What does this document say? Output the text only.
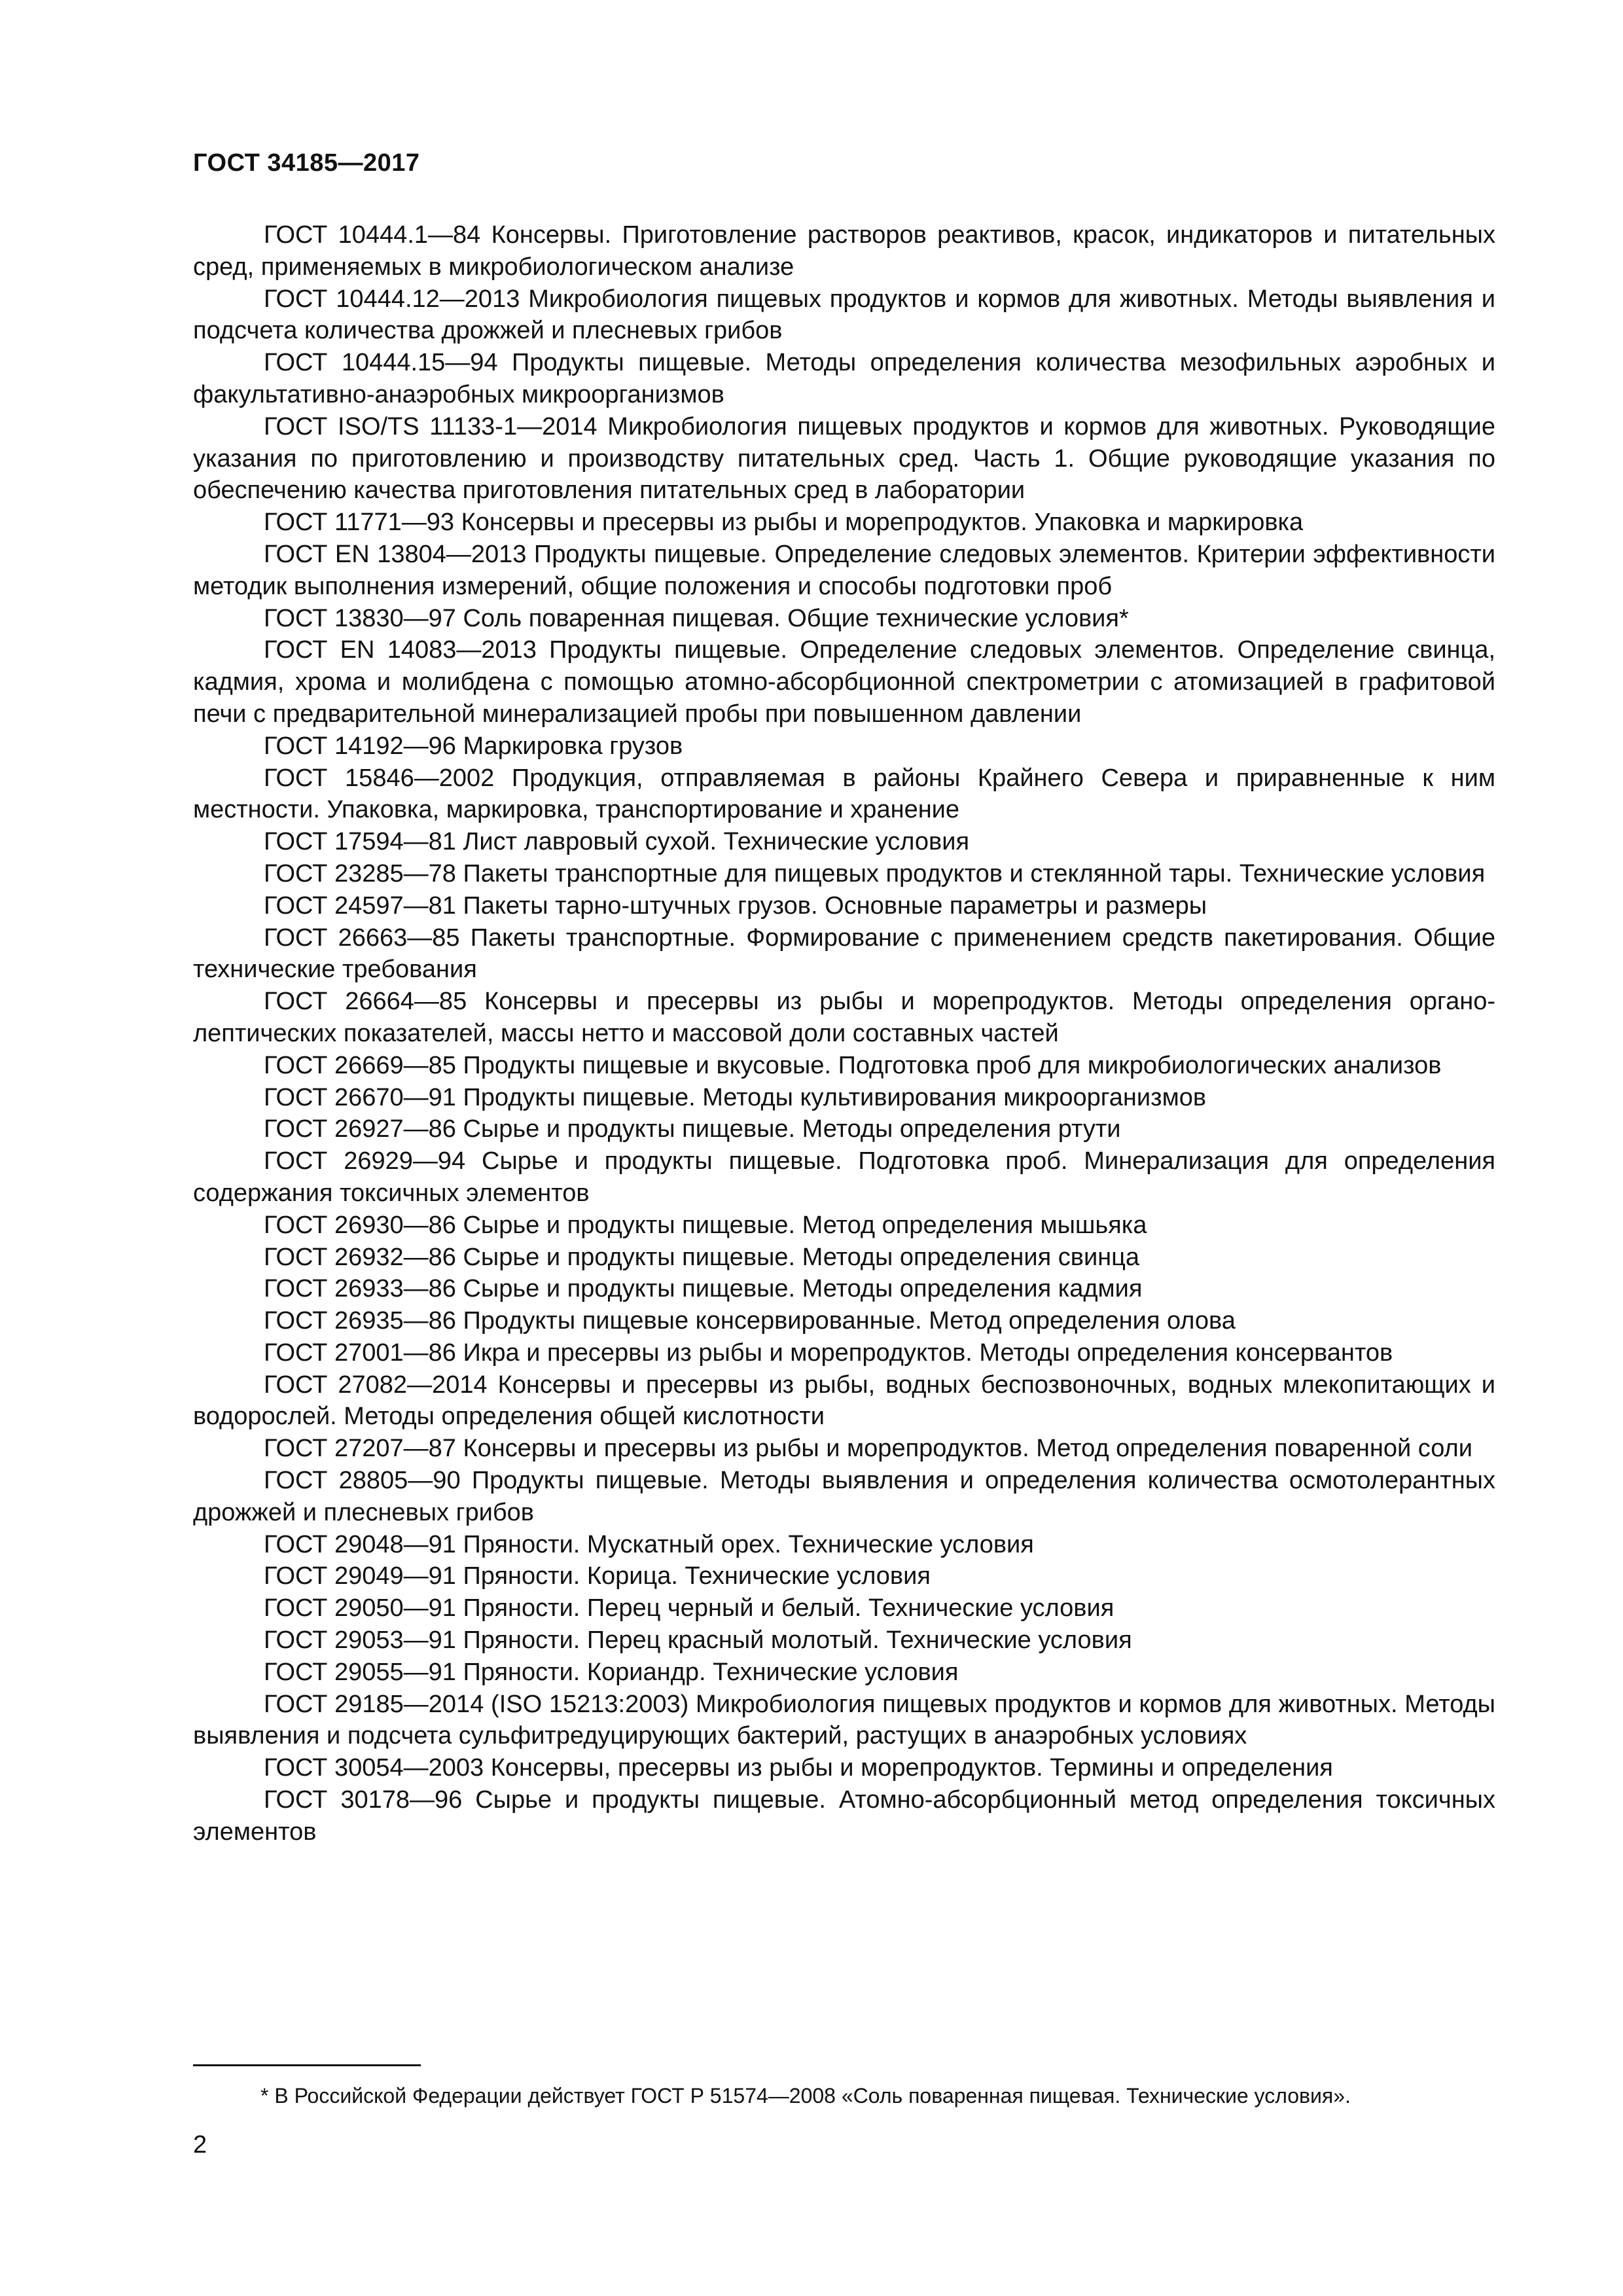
ГОСТ 34185—2017

ГОСТ 10444.1—84 Консервы. Приготовление растворов реактивов, красок, индикаторов и питательных сред, применяемых в микробиологическом анализе

ГОСТ 10444.12—2013 Микробиология пищевых продуктов и кормов для животных. Методы выявления и подсчета количества дрожжей и плесневых грибов

ГОСТ 10444.15—94 Продукты пищевые. Методы определения количества мезофильных аэробных и факультативно-анаэробных микроорганизмов

ГОСТ ISO/TS 11133-1—2014 Микробиология пищевых продуктов и кормов для животных. Руководящие указания по приготовлению и производству питательных сред. Часть 1. Общие руководящие указания по обеспечению качества приготовления питательных сред в лаборатории

ГОСТ 11771—93 Консервы и пресервы из рыбы и морепродуктов. Упаковка и маркировка

ГОСТ EN 13804—2013 Продукты пищевые. Определение следовых элементов. Критерии эффективности методик выполнения измерений, общие положения и способы подготовки проб

ГОСТ 13830—97 Соль поваренная пищевая. Общие технические условия*

ГОСТ EN 14083—2013 Продукты пищевые. Определение следовых элементов. Определение свинца, кадмия, хрома и молибдена с помощью атомно-абсорбционной спектрометрии с атомизацией в графитовой печи с предварительной минерализацией пробы при повышенном давлении

ГОСТ 14192—96 Маркировка грузов

ГОСТ 15846—2002 Продукция, отправляемая в районы Крайнего Севера и приравненные к ним местности. Упаковка, маркировка, транспортирование и хранение

ГОСТ 17594—81 Лист лавровый сухой. Технические условия

ГОСТ 23285—78 Пакеты транспортные для пищевых продуктов и стеклянной тары. Технические условия

ГОСТ 24597—81 Пакеты тарно-штучных грузов. Основные параметры и размеры

ГОСТ 26663—85 Пакеты транспортные. Формирование с применением средств пакетирования. Общие технические требования

ГОСТ 26664—85 Консервы и пресервы из рыбы и морепродуктов. Методы определения органолептических показателей, массы нетто и массовой доли составных частей

ГОСТ 26669—85 Продукты пищевые и вкусовые. Подготовка проб для микробиологических анализов

ГОСТ 26670—91 Продукты пищевые. Методы культивирования микроорганизмов

ГОСТ 26927—86 Сырье и продукты пищевые. Методы определения ртути

ГОСТ 26929—94 Сырье и продукты пищевые. Подготовка проб. Минерализация для определения содержания токсичных элементов

ГОСТ 26930—86 Сырье и продукты пищевые. Метод определения мышьяка

ГОСТ 26932—86 Сырье и продукты пищевые. Методы определения свинца

ГОСТ 26933—86 Сырье и продукты пищевые. Методы определения кадмия

ГОСТ 26935—86 Продукты пищевые консервированные. Метод определения олова

ГОСТ 27001—86 Икра и пресервы из рыбы и морепродуктов. Методы определения консервантов

ГОСТ 27082—2014 Консервы и пресервы из рыбы, водных беспозвоночных, водных млекопитающих и водорослей. Методы определения общей кислотности

ГОСТ 27207—87 Консервы и пресервы из рыбы и морепродуктов. Метод определения поваренной соли

ГОСТ 28805—90 Продукты пищевые. Методы выявления и определения количества осмотолерантных дрожжей и плесневых грибов

ГОСТ 29048—91 Пряности. Мускатный орех. Технические условия

ГОСТ 29049—91 Пряности. Корица. Технические условия

ГОСТ 29050—91 Пряности. Перец черный и белый. Технические условия

ГОСТ 29053—91 Пряности. Перец красный молотый. Технические условия

ГОСТ 29055—91 Пряности. Кориандр. Технические условия

ГОСТ 29185—2014 (ISO 15213:2003) Микробиология пищевых продуктов и кормов для животных. Методы выявления и подсчета сульфитредуцирующих бактерий, растущих в анаэробных условиях

ГОСТ 30054—2003 Консервы, пресервы из рыбы и морепродуктов. Термины и определения

ГОСТ 30178—96 Сырье и продукты пищевые. Атомно-абсорбционный метод определения токсичных элементов

* В Российской Федерации действует ГОСТ Р 51574—2008 «Соль поваренная пищевая. Технические условия».
2
